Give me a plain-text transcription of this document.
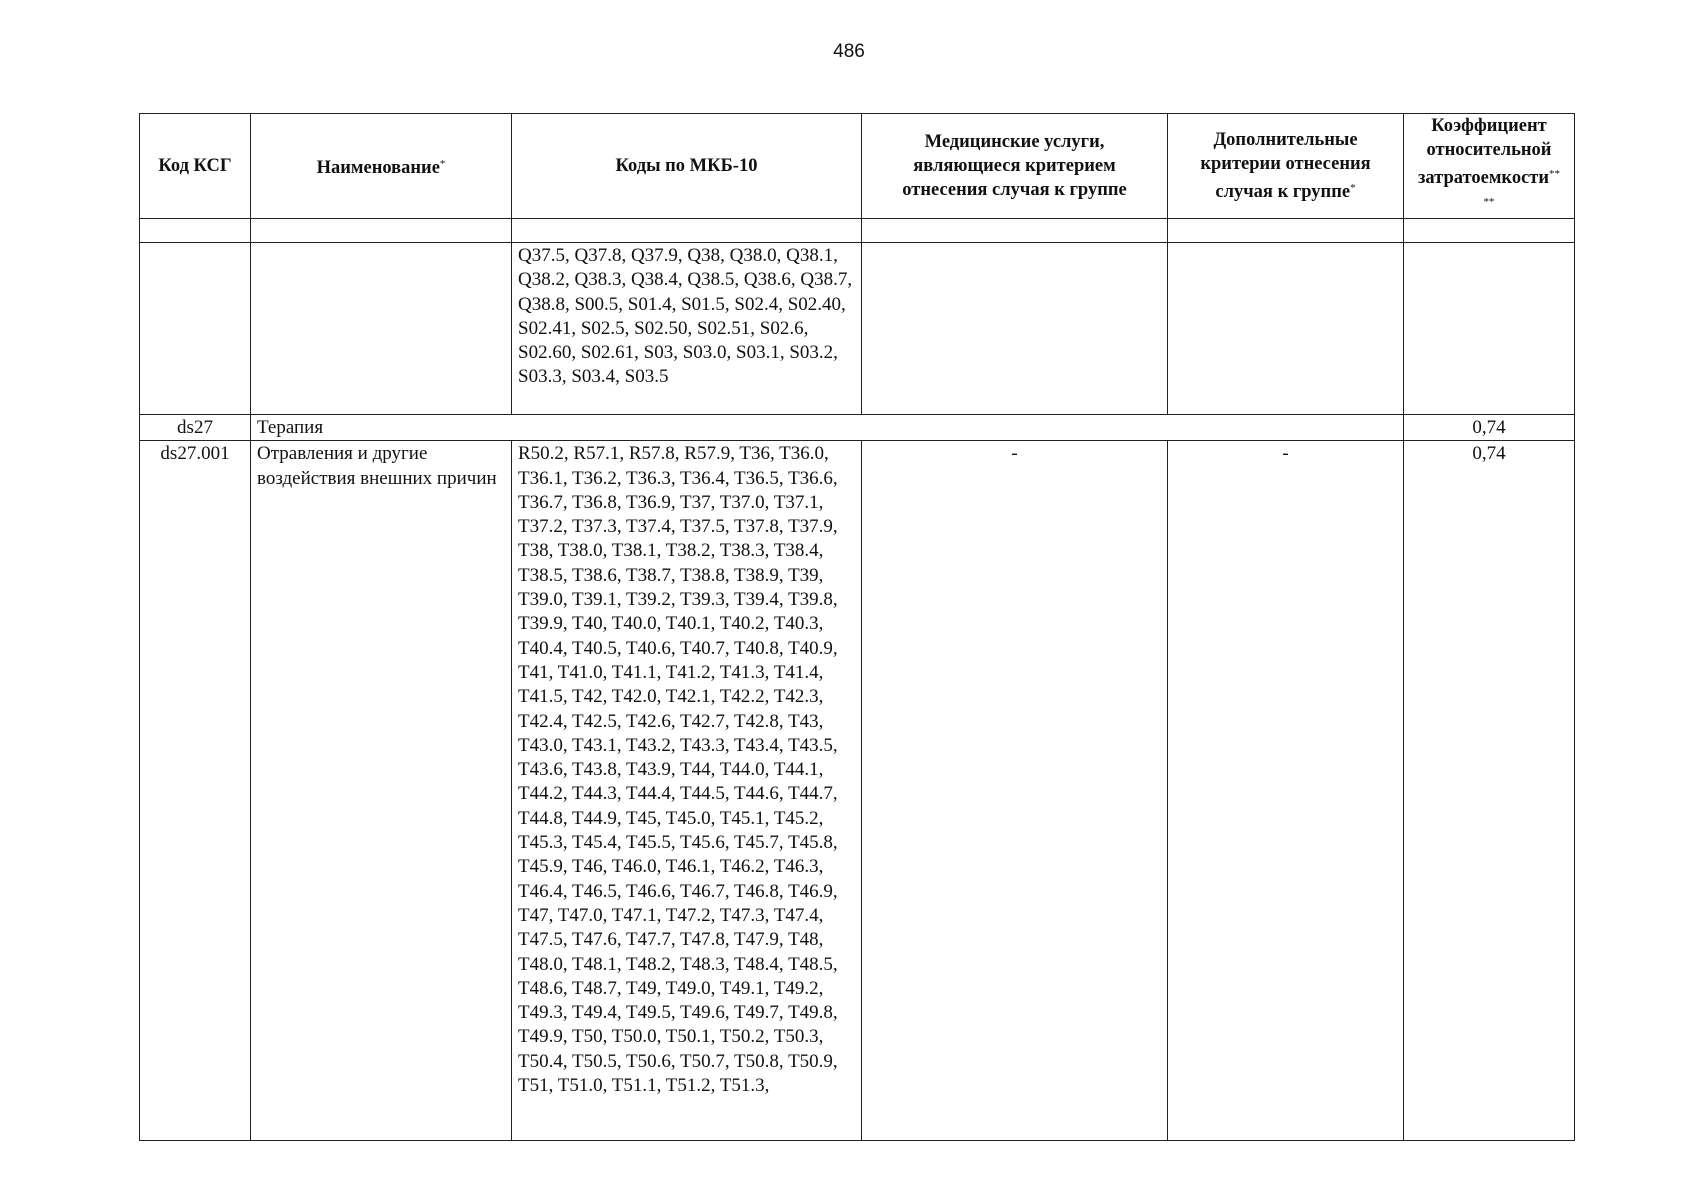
486
Код КСГ	Наименование*	Коды по МКБ-10	Медицинские услуги, являющиеся критерием отнесения случая к группе	Дополнительные критерии отнесения случая к группе*	Коэффициент относительной затратоемкости**
**

		Q37.5, Q37.8, Q37.9, Q38, Q38.0, Q38.1, Q38.2, Q38.3, Q38.4, Q38.5, Q38.6, Q38.7, Q38.8, S00.5, S01.4, S01.5, S02.4, S02.40, S02.41, S02.5, S02.50, S02.51, S02.6, S02.60, S02.61, S03, S03.0, S03.1, S03.2, S03.3, S03.4, S03.5			
ds27	Терапия				0,74
ds27.001	Отравления и другие воздействия внешних причин	R50.2, R57.1, R57.8, R57.9, T36, T36.0, T36.1, T36.2, T36.3, T36.4, T36.5, T36.6, T36.7, T36.8, T36.9, T37, T37.0, T37.1, T37.2, T37.3, T37.4, T37.5, T37.8, T37.9, T38, T38.0, T38.1, T38.2, T38.3, T38.4, T38.5, T38.6, T38.7, T38.8, T38.9, T39, T39.0, T39.1, T39.2, T39.3, T39.4, T39.8, T39.9, T40, T40.0, T40.1, T40.2, T40.3, T40.4, T40.5, T40.6, T40.7, T40.8, T40.9, T41, T41.0, T41.1, T41.2, T41.3, T41.4, T41.5, T42, T42.0, T42.1, T42.2, T42.3, T42.4, T42.5, T42.6, T42.7, T42.8, T43, T43.0, T43.1, T43.2, T43.3, T43.4, T43.5, T43.6, T43.8, T43.9, T44, T44.0, T44.1, T44.2, T44.3, T44.4, T44.5, T44.6, T44.7, T44.8, T44.9, T45, T45.0, T45.1, T45.2, T45.3, T45.4, T45.5, T45.6, T45.7, T45.8, T45.9, T46, T46.0, T46.1, T46.2, T46.3, T46.4, T46.5, T46.6, T46.7, T46.8, T46.9, T47, T47.0, T47.1, T47.2, T47.3, T47.4, T47.5, T47.6, T47.7, T47.8, T47.9, T48, T48.0, T48.1, T48.2, T48.3, T48.4, T48.5, T48.6, T48.7, T49, T49.0, T49.1, T49.2, T49.3, T49.4, T49.5, T49.6, T49.7, T49.8, T49.9, T50, T50.0, T50.1, T50.2, T50.3, T50.4, T50.5, T50.6, T50.7, T50.8, T50.9, T51, T51.0, T51.1, T51.2, T51.3,	-	-	0,74
